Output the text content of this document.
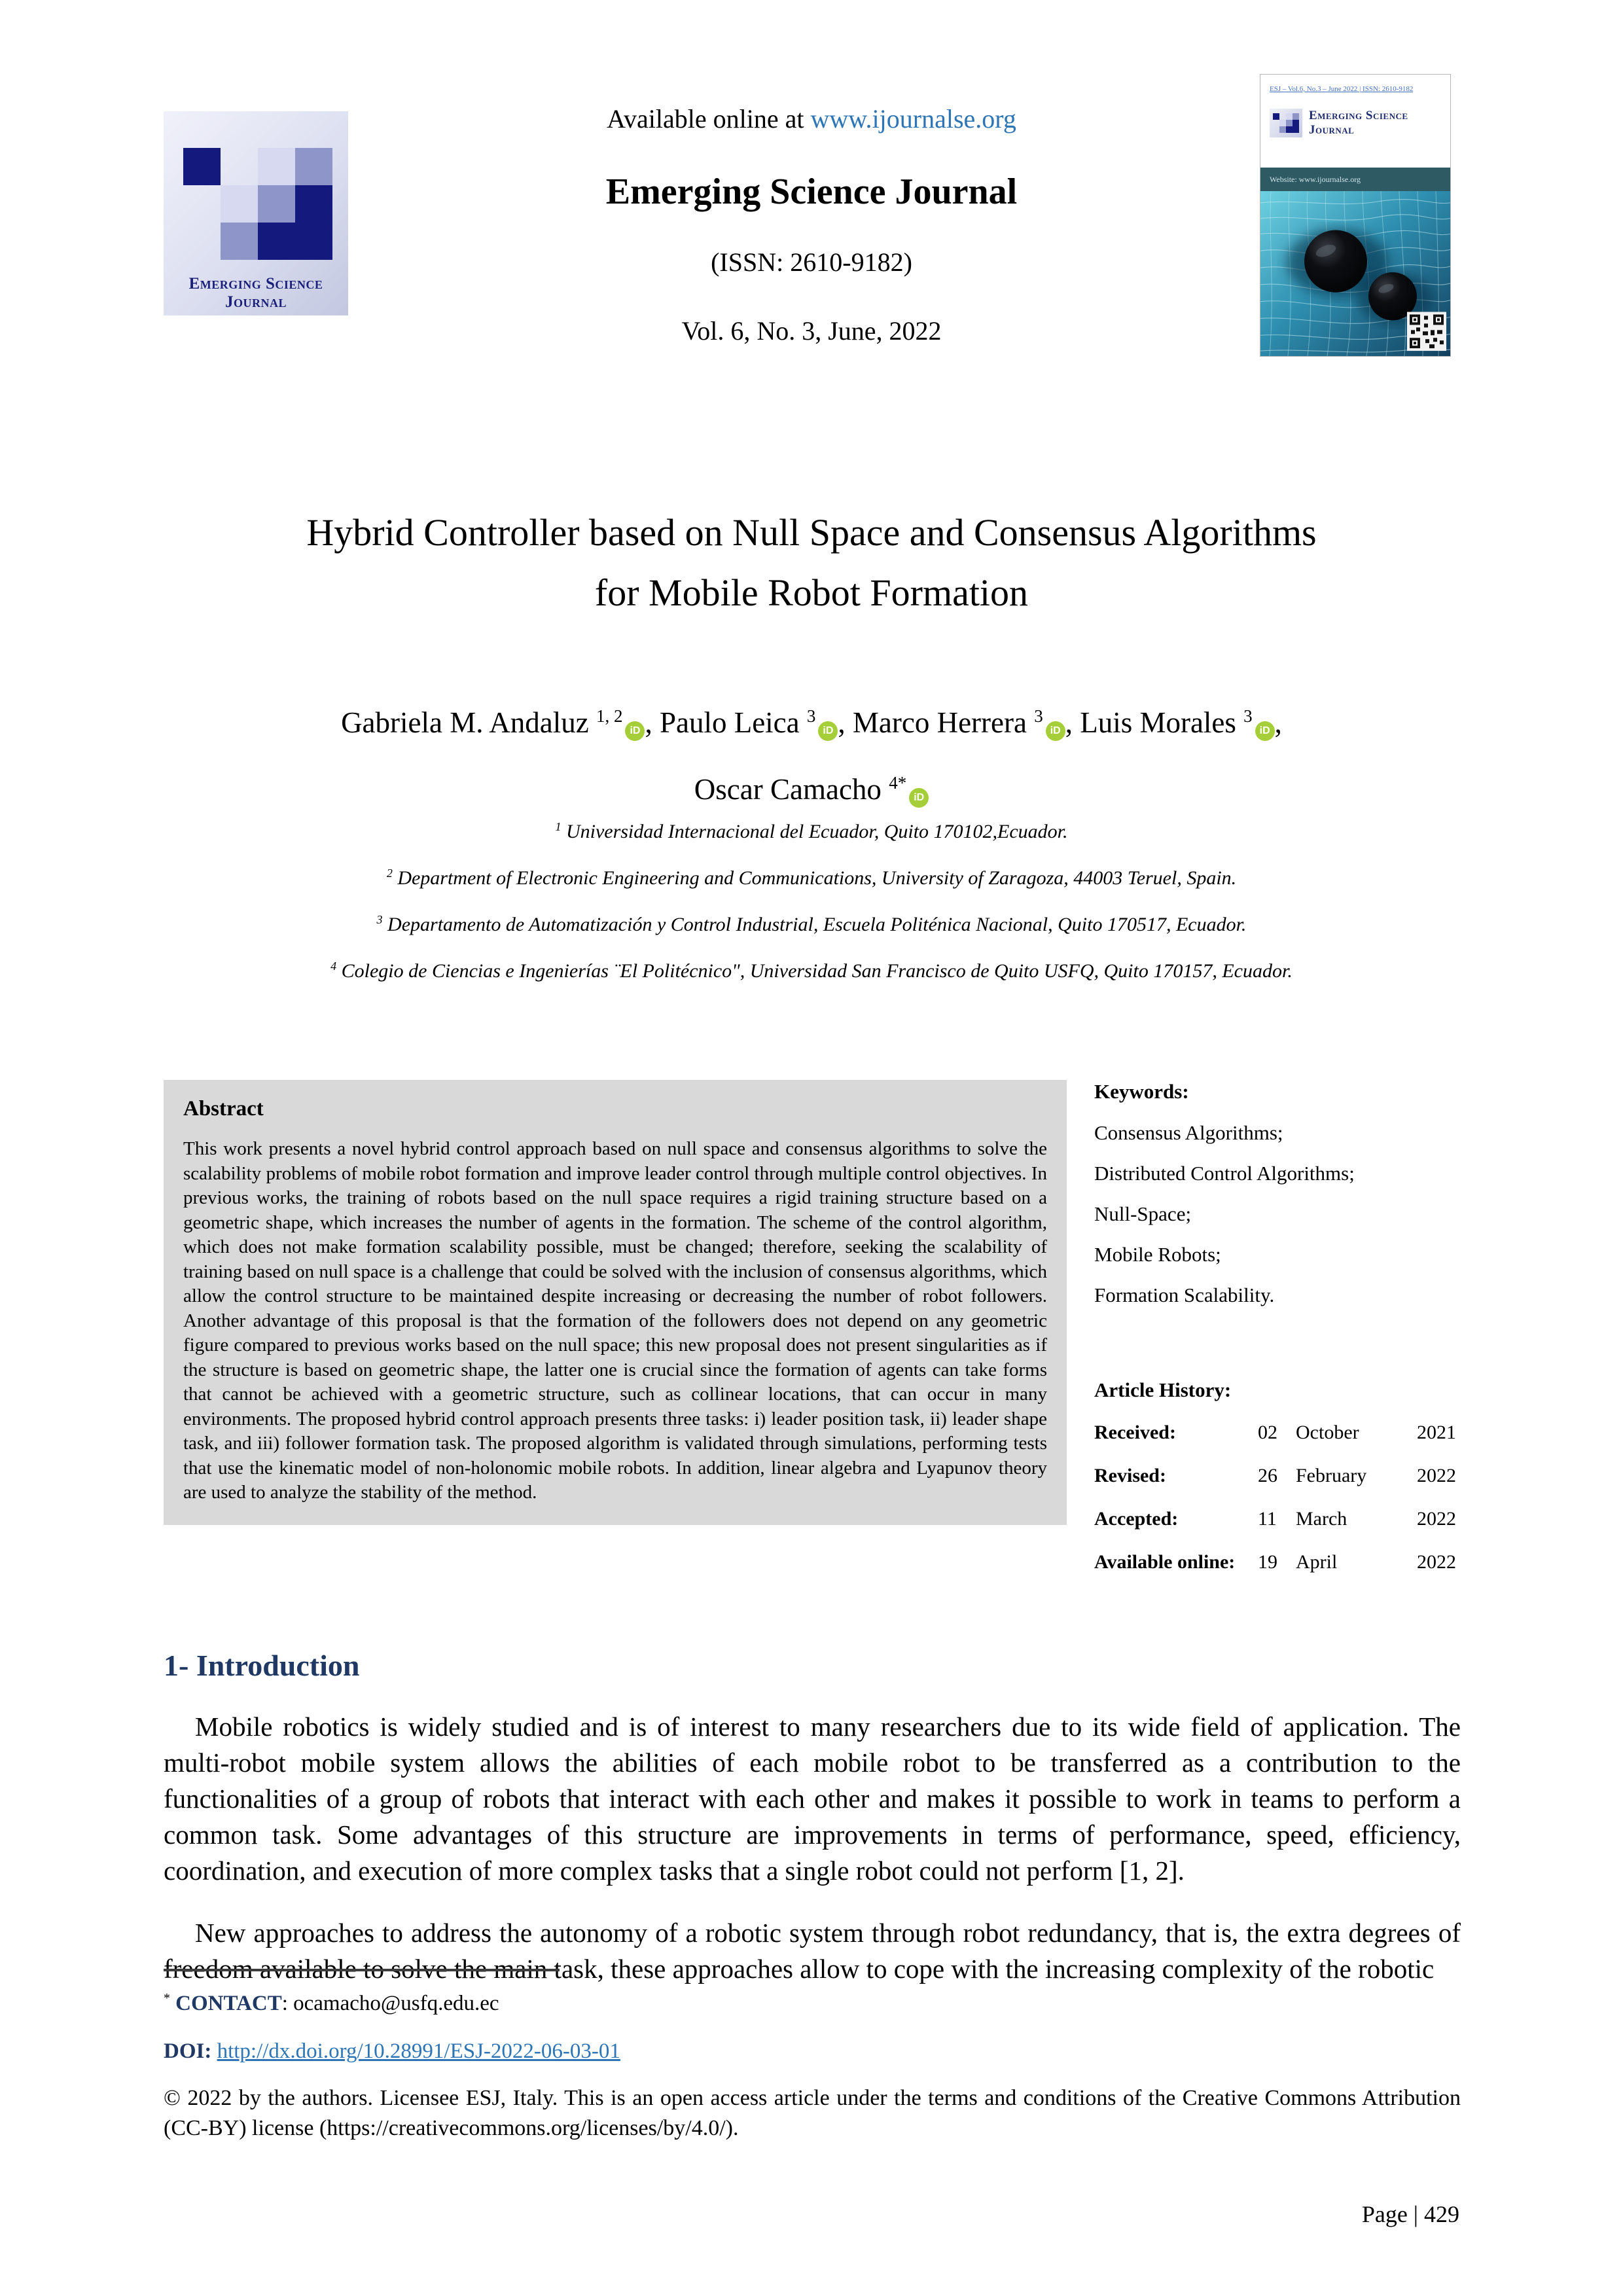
Emerging Science Journal
Available online at www.ijournalse.org
Emerging Science Journal
(ISSN: 2610-9182)
Vol. 6, No. 3, June, 2022
ESJ – Vol.6, No.3 – June 2022 | ISSN: 2610-9182
Emerging Science Journal
Website: www.ijournalse.org
Hybrid Controller based on Null Space and Consensus Algorithms
for Mobile Robot Formation
Gabriela M. Andaluz $^{1, 2}$ iD , Paulo Leica $^3$ iD , Marco Herrera $^3$ iD , Luis Morales $^3$ iD ,
Oscar Camacho $^{4*}$iD

$^1$ Universidad Internacional del Ecuador, Quito 170102,Ecuador.

$^2$ Department of Electronic Engineering and Communications, University of Zaragoza, 44003 Teruel, Spain.

$^3$ Departamento de Automatización y Control Industrial, Escuela Politénica Nacional, Quito 170517, Ecuador.

$^4$ Colegio de Ciencias e Ingenierías ¨El Politécnico", Universidad San Francisco de Quito USFQ, Quito 170157, Ecuador.

Abstract

This work presents a novel hybrid control approach based on null space and consensus algorithms to solve the scalability problems of mobile robot formation and improve leader control through multiple control objectives. In previous works, the training of robots based on the null space requires a rigid training structure based on a geometric shape, which increases the number of agents in the formation. The scheme of the control algorithm, which does not make formation scalability possible, must be changed; therefore, seeking the scalability of training based on null space is a challenge that could be solved with the inclusion of consensus algorithms, which allow the control structure to be maintained despite increasing or decreasing the number of robot followers. Another advantage of this proposal is that the formation of the followers does not depend on any geometric figure compared to previous works based on the null space; this new proposal does not present singularities as if the structure is based on geometric shape, the latter one is crucial since the formation of agents can take forms that cannot be achieved with a geometric structure, such as collinear locations, that can occur in many environments. The proposed hybrid control approach presents three tasks: i) leader position task, ii) leader shape task, and iii) follower formation task. The proposed algorithm is validated through simulations, performing tests that use the kinematic model of non-holonomic mobile robots. In addition, linear algebra and Lyapunov theory are used to analyze the stability of the method.

Keywords:

Consensus Algorithms;
Distributed Control Algorithms;
Null-Space;
Mobile Robots;
Formation Scalability.

Article History:

Received:	02 October	2021
Revised:	26 February	2022
Accepted:	11 March	2022
Available online:	19 April	2022
1- Introduction

Mobile robotics is widely studied and is of interest to many researchers due to its wide field of application. The multi-robot mobile system allows the abilities of each mobile robot to be transferred as a contribution to the functionalities of a group of robots that interact with each other and makes it possible to work in teams to perform a common task. Some advantages of this structure are improvements in terms of performance, speed, efficiency, coordination, and execution of more complex tasks that a single robot could not perform [1, 2].

New approaches to address the autonomy of a robotic system through robot redundancy, that is, the extra degrees of freedom available to solve the main task, these approaches allow to cope with the increasing complexity of the robotic

* CONTACT: ocamacho@usfq.edu.ec

DOI: http://dx.doi.org/10.28991/ESJ-2022-06-03-01

© 2022 by the authors. Licensee ESJ, Italy. This is an open access article under the terms and conditions of the Creative Commons Attribution (CC-BY) license (https://creativecommons.org/licenses/by/4.0/).

Page | 429
